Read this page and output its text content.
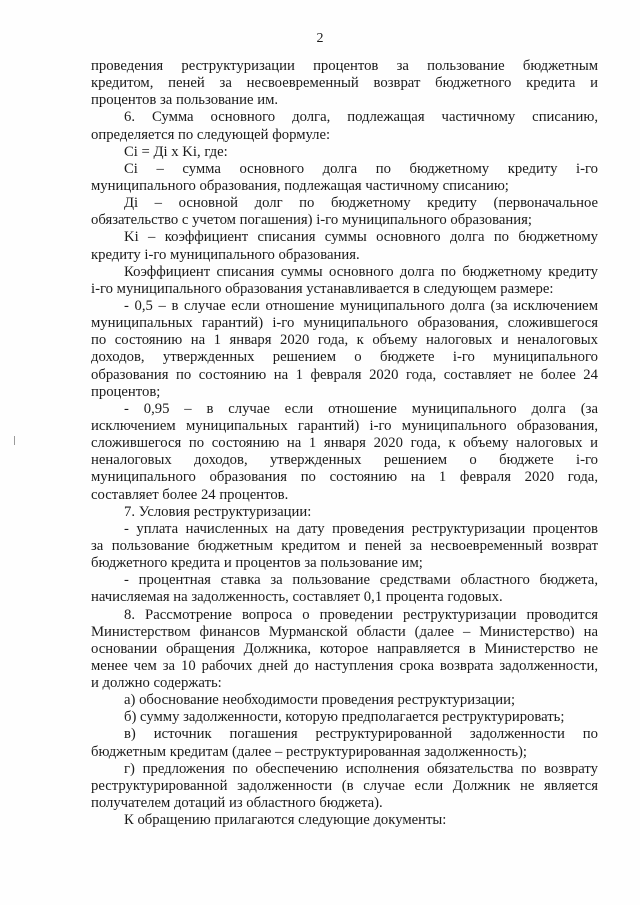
2
проведения реструктуризации процентов за пользование бюджетным
кредитом, пеней за несвоевременный возврат бюджетного кредита и
процентов за пользование им.
6. Сумма основного долга, подлежащая частичному списанию,
определяется по следующей формуле:
Ci = Дi x Ki, где:
Ci – сумма основного долга по бюджетному кредиту i-го
муниципального образования, подлежащая частичному списанию;
Дi – основной долг по бюджетному кредиту (первоначальное
обязательство с учетом погашения) i-го муниципального образования;
Ki – коэффициент списания суммы основного долга по бюджетному
кредиту i-го муниципального образования.
Коэффициент списания суммы основного долга по бюджетному кредиту
i-го муниципального образования устанавливается в следующем размере:
- 0,5 – в случае если отношение муниципального долга (за исключением
муниципальных гарантий) i-го муниципального образования, сложившегося
по состоянию на 1 января 2020 года, к объему налоговых и неналоговых
доходов, утвержденных решением о бюджете i-го муниципального
образования по состоянию на 1 февраля 2020 года, составляет не более 24
процентов;
- 0,95 – в случае если отношение муниципального долга (за
исключением муниципальных гарантий) i-го муниципального образования,
сложившегося по состоянию на 1 января 2020 года, к объему налоговых и
неналоговых доходов, утвержденных решением о бюджете i-го
муниципального образования по состоянию на 1 февраля 2020 года,
составляет более 24 процентов.
7. Условия реструктуризации:
- уплата начисленных на дату проведения реструктуризации процентов
за пользование бюджетным кредитом и пеней за несвоевременный возврат
бюджетного кредита и процентов за пользование им;
- процентная ставка за пользование средствами областного бюджета,
начисляемая на задолженность, составляет 0,1 процента годовых.
8. Рассмотрение вопроса о проведении реструктуризации проводится
Министерством финансов Мурманской области (далее – Министерство) на
основании обращения Должника, которое направляется в Министерство не
менее чем за 10 рабочих дней до наступления срока возврата задолженности,
и должно содержать:
а) обоснование необходимости проведения реструктуризации;
б) сумму задолженности, которую предполагается реструктурировать;
в) источник погашения реструктурированной задолженности по
бюджетным кредитам (далее – реструктурированная задолженность);
г) предложения по обеспечению исполнения обязательства по возврату
реструктурированной задолженности (в случае если Должник не является
получателем дотаций из областного бюджета).
К обращению прилагаются следующие документы:
